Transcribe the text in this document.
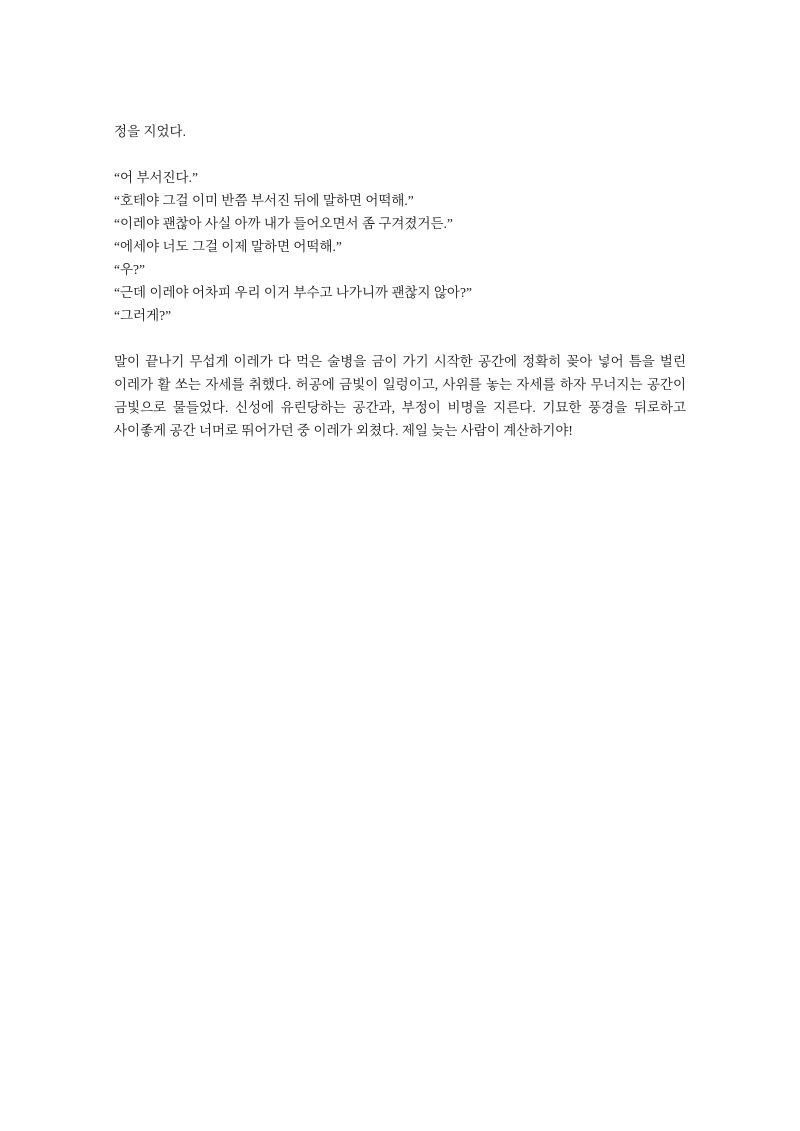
정을 지었다.

“어 부서진다.”

“호테야 그걸 이미 반쯤 부서진 뒤에 말하면 어떡해.”

“이레야 괜찮아 사실 아까 내가 들어오면서 좀 구겨졌거든.”

“에세야 너도 그걸 이제 말하면 어떡해.”

“우?”

“근데 이레야 어차피 우리 이거 부수고 나가니까 괜찮지 않아?”

“그러게?”

말이 끝나기 무섭게 이레가 다 먹은 술병을 금이 가기 시작한 공간에 정확히 꽂아 넣어 틈을 벌린 이레가 활 쏘는 자세를 취했다. 허공에 금빛이 일렁이고, 사위를 놓는 자세를 하자 무너지는 공간이 금빛으로 물들었다. 신성에 유린당하는 공간과, 부정이 비명을 지른다. 기묘한 풍경을 뒤로하고 사이좋게 공간 너머로 뛰어가던 중 이레가 외쳤다. 제일 늦는 사람이 계산하기야!
